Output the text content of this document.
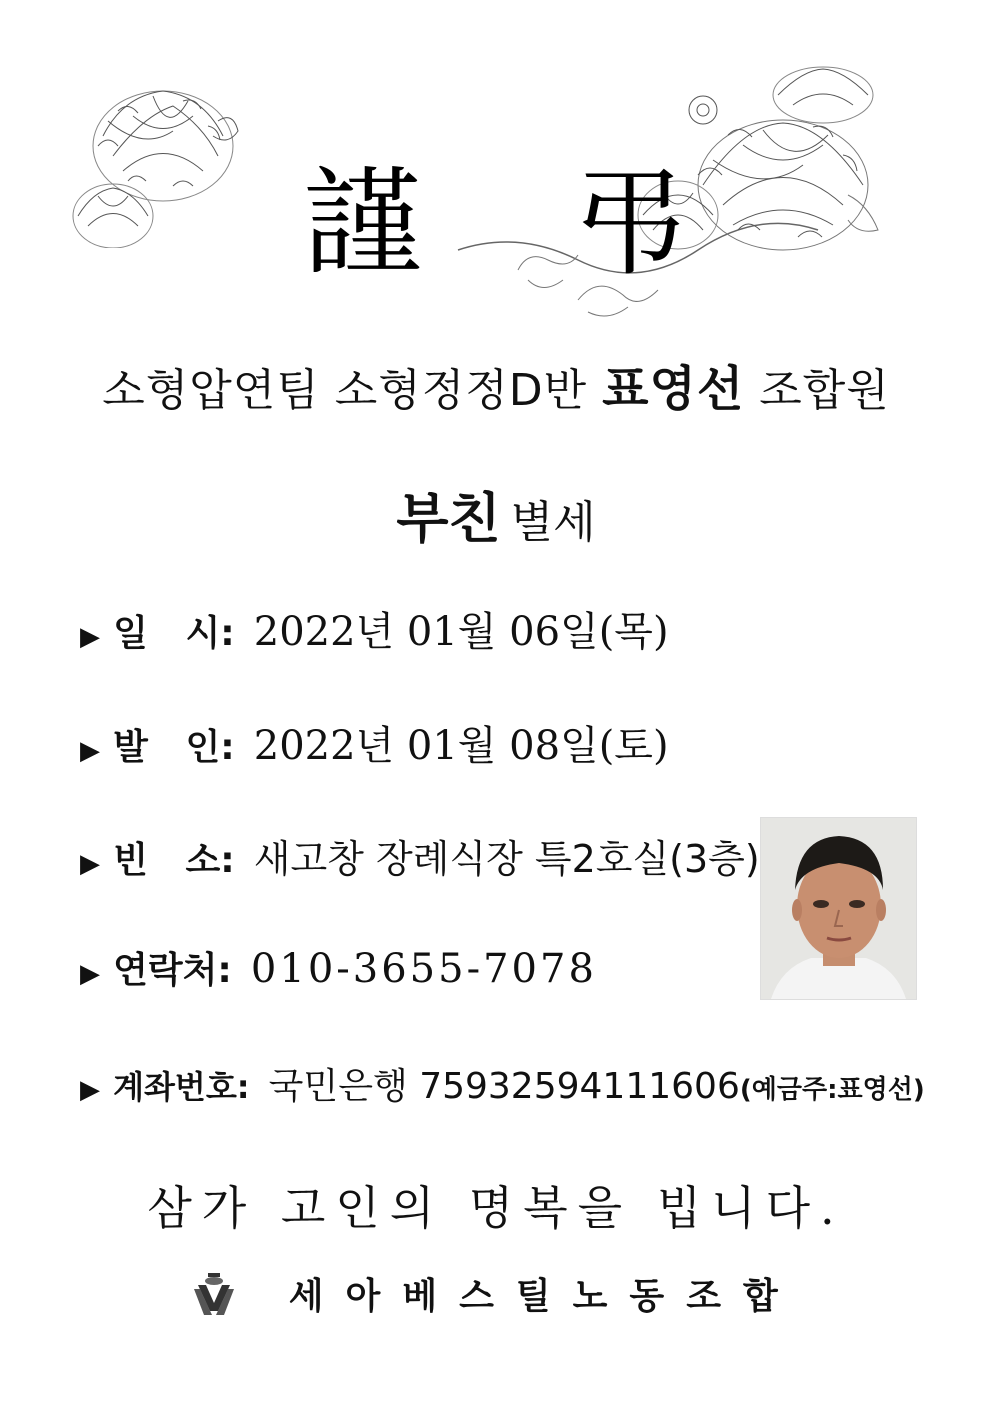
謹 弔
소형압연팀 소형정정D반 표영선 조합원
부친 별세
▶ 일   시: 2022년 01월 06일(목)
▶ 발   인: 2022년 01월 08일(토)
▶ 빈   소: 새고창 장례식장 특2호실(3층)
▶ 연락처: 010-3655-7078
▶ 계좌번호: 국민은행 75932594111606(예금주:표영선)
삼가 고인의 명복을 빕니다.
세아베스틸노동조합
